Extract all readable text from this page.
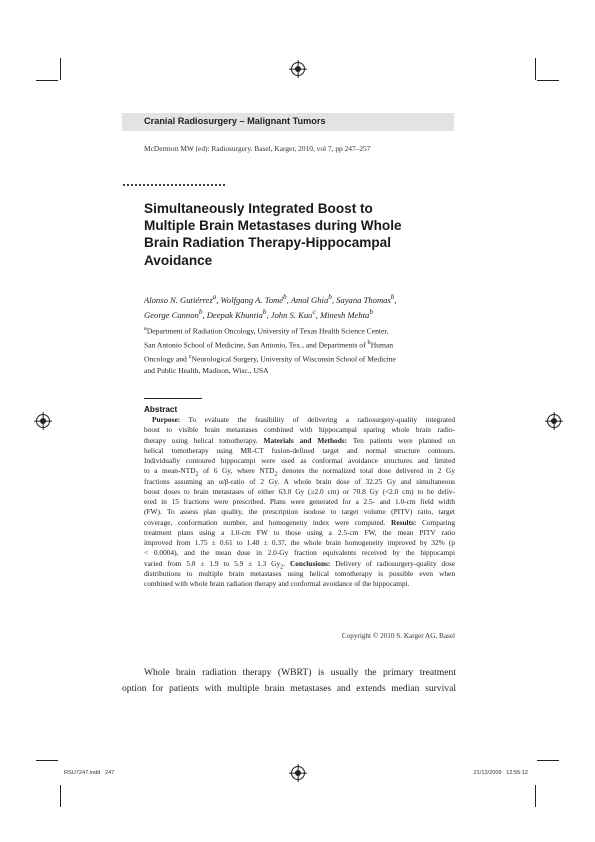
Cranial Radiosurgery – Malignant Tumors
McDermott MW (ed): Radiosurgery. Basel, Karger, 2010, vol 7, pp 247–257
Simultaneously Integrated Boost to
Multiple Brain Metastases during Whole
Brain Radiation Therapy-Hippocampal
Avoidance
Alonso N. Gutiérrez$^a$, Wolfgang A. Tomé$^b$, Amol Ghia$^b$, Sayana Thomas$^b$,
George Cannon$^b$, Deepak Khuntia$^b$, John S. Kuo$^c$, Minesh Mehta$^b$
$^a$Department of Radiation Oncology, University of Texas Health Science Center,
San Antonio School of Medicine, San Antonio, Tex., and Departments of $^b$Human
Oncology and $^c$Neurological Surgery, University of Wisconsin School of Medicine
and Public Health, Madison, Wisc., USA
Abstract
Purpose: To evaluate the feasibility of delivering a radiosurgery-quality integrated
boost to visible brain metastases combined with hippocampal sparing whole brain radio-
therapy using helical tomotherapy. Materials and Methods: Ten patients were planned on
helical tomotherapy using MR-CT fusion-defined target and normal structure contours.
Individually contoured hippocampi were used as conformal avoidance structures and limited
to a mean-$NTD_2$ of 6 Gy, where $NTD_2$ denotes the normalized total dose delivered in 2 Gy
fractions assuming an α/β-ratio of 2 Gy. A whole brain dose of 32.25 Gy and simultaneous
boost doses to brain metastases of either 63.0 Gy (≥2.0 cm) or 70.8 Gy (<2.0 cm) to be deliv-
ered in 15 fractions were prescribed. Plans were generated for a 2.5- and 1.0-cm field width
(FW). To assess plan quality, the prescription isodose to target volume (PITV) ratio, target
coverage, conformation number, and homogeneity index were computed. Results: Comparing
treatment plans using a 1.0-cm FW to those using a 2.5-cm FW, the mean PITV ratio
improved from 1.75 ± 0.61 to 1.48 ± 0.37, the whole brain homogeneity improved by 32% (p
< 0.0004), and the mean dose in 2.0-Gy fraction equivalents received by the hippocampi
varied from 5.8 ± 1.9 to 5.9 ± 1.3 $Gy_2$. Conclusions: Delivery of radiosurgery-quality dose
distributions to multiple brain metastases using helical tomotherapy is possible even when
combined with whole brain radiation therapy and conformal avoidance of the hippocampi.
Copyright © 2010 S. Karger AG, Basel
Whole brain radiation therapy (WBRT) is usually the primary treatment
option for patients with multiple brain metastases and extends median survival
RSU7247.indd   247	21/12/2009   12:55:12
